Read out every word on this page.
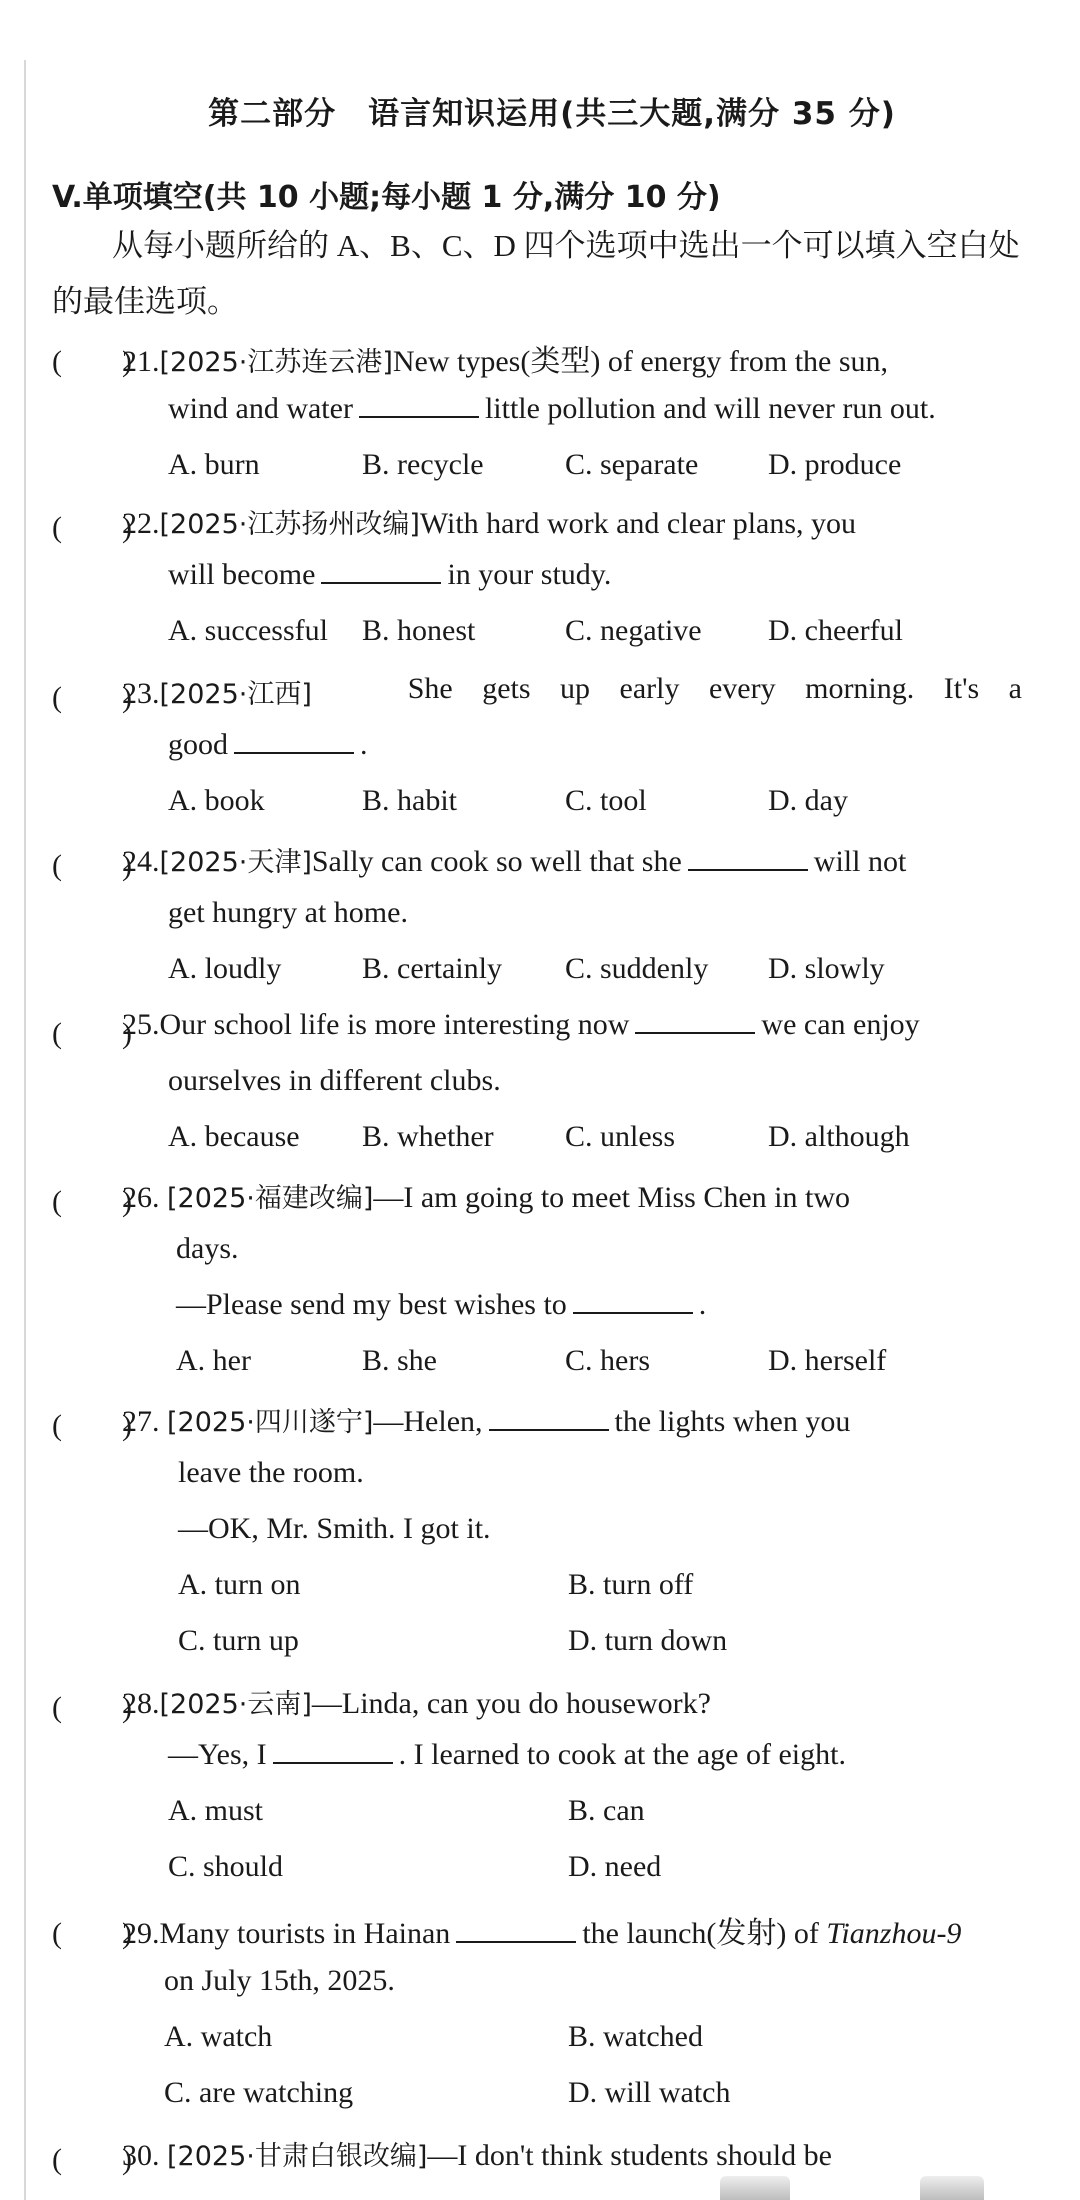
第二部分　语言知识运用(共三大题,满分 35 分)
V.单项填空(共 10 小题;每小题 1 分,满分 10 分)
从每小题所给的 A、B、C、D 四个选项中选出一个可以填入空白处
的最佳选项。
(　　)
21.[2025·江苏连云港]New types(类型) of energy from the sun,
wind and water	little pollution and will never run out.
A. burn	B. recycle	C. separate D. produce
(　　)
22.[2025·江苏扬州改编]With hard work and clear plans, you
will become	in your study.
A. successful B. honest	C. negative D. cheerful
(　　)
23.[2025·江西]	She gets up early every morning. It's a
good	.
A. book	B. habit	C. tool	D. day
(　　)
24.[2025·天津]Sally can cook so well that she	will not
get hungry at home.
A. loudly	B. certainly C. suddenly D. slowly
(　　)
25.Our school life is more interesting now	we can enjoy
ourselves in different clubs.
A. because B. whether C. unless	D. although
(　　)
26. [2025·福建改编]—I am going to meet Miss Chen in two
days.
—Please send my best wishes to	.
A. her	B. she	C. hers	D. herself
(　　)
27. [2025·四川遂宁]—Helen,	the lights when you
leave the room.
—OK, Mr. Smith. I got it.
A. turn on	B. turn off
C. turn up	D. turn down
(　　)
28.[2025·云南]—Linda, can you do housework?
—Yes, I	. I learned to cook at the age of eight.
A. must	B. can
C. should	D. need
(　　)
29.Many tourists in Hainan	the launch(发射) of Tianzhou-9
on July 15th, 2025.
A. watch	B. watched
C. are watching	D. will watch
(　　)
30. [2025·甘肃白银改编]—I don't think students should be
